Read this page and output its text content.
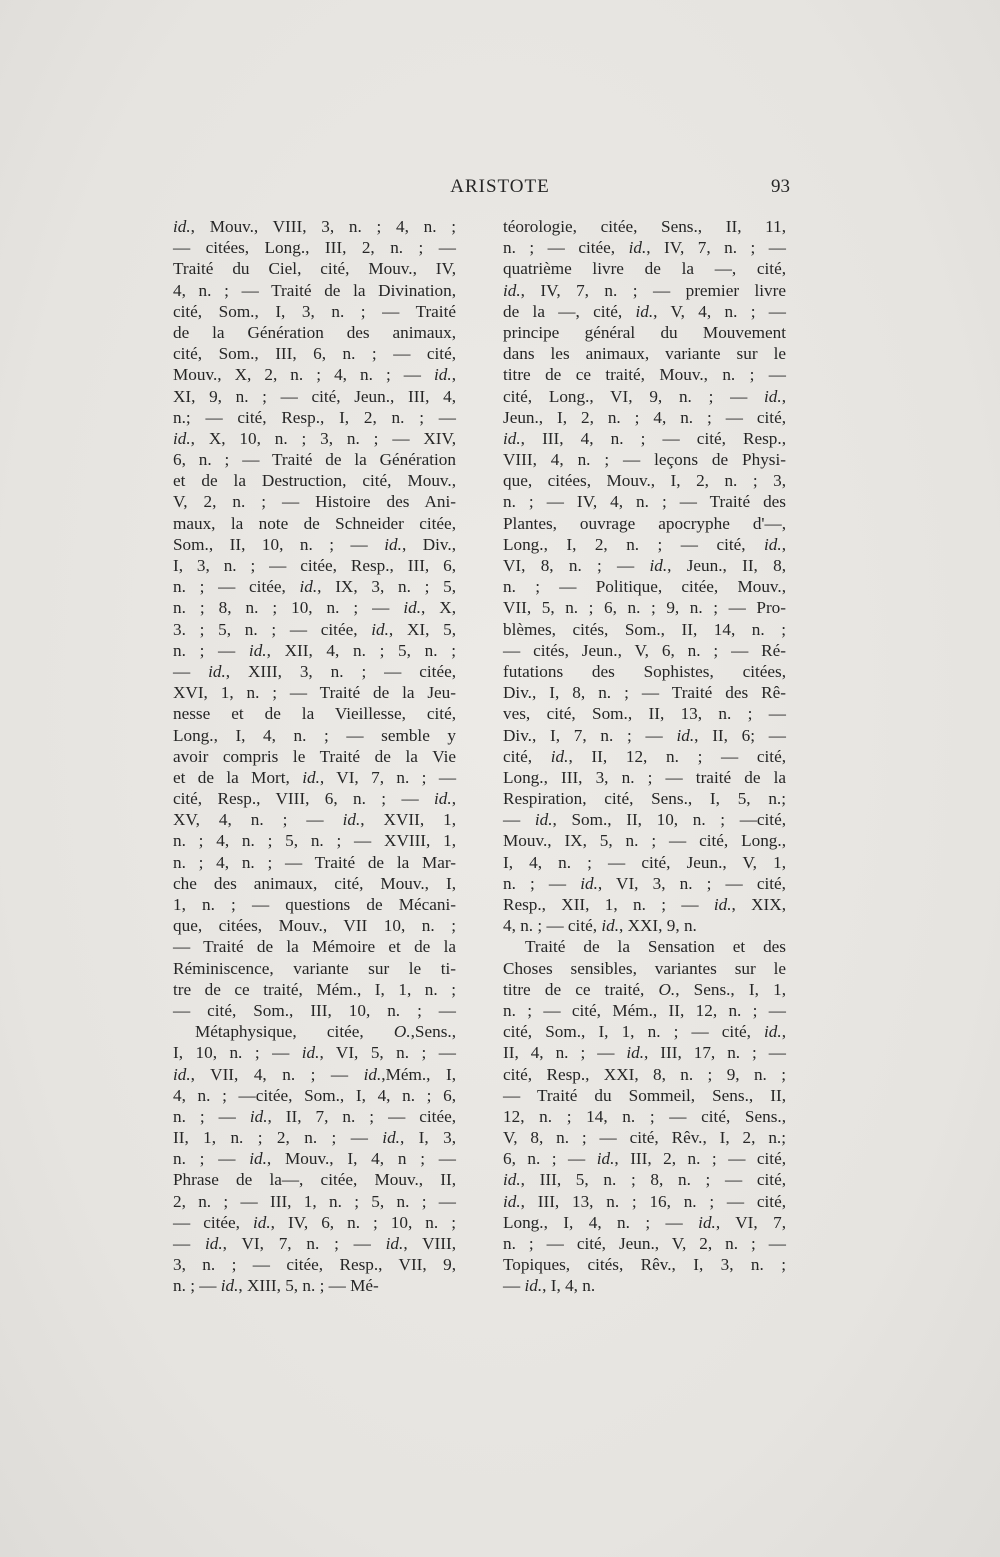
ARISTOTE	93
id., Mouv., VIII, 3, n. ; 4, n. ;
— citées, Long., III, 2, n. ; —
Traité du Ciel, cité, Mouv., IV,
4, n. ; — Traité de la Divination,
cité, Som., I, 3, n. ; — Traité
de la Génération des animaux,
cité, Som., III, 6, n. ; — cité,
Mouv., X, 2, n. ; 4, n. ; — id.,
XI, 9, n. ; — cité, Jeun., III, 4,
n.; — cité, Resp., I, 2, n. ; —
id., X, 10, n. ; 3, n. ; — XIV,
6, n. ; — Traité de la Génération
et de la Destruction, cité, Mouv.,
V, 2, n. ; — Histoire des Ani-
maux, la note de Schneider citée,
Som., II, 10, n. ; — id., Div.,
I, 3, n. ; — citée, Resp., III, 6,
n. ; — citée, id., IX, 3, n. ; 5,
n. ; 8, n. ; 10, n. ; — id., X,
3. ; 5, n. ; — citée, id., XI, 5,
n. ; — id., XII, 4, n. ; 5, n. ;
— id., XIII, 3, n. ; — citée,
XVI, 1, n. ; — Traité de la Jeu-
nesse et de la Vieillesse, cité,
Long., I, 4, n. ; — semble y
avoir compris le Traité de la Vie
et de la Mort, id., VI, 7, n. ; —
cité, Resp., VIII, 6, n. ; — id.,
XV, 4, n. ; — id., XVII, 1,
n. ; 4, n. ; 5, n. ; — XVIII, 1,
n. ; 4, n. ; — Traité de la Mar-
che des animaux, cité, Mouv., I,
1, n. ; — questions de Mécani-
que, citées, Mouv., VII 10, n. ;
— Traité de la Mémoire et de la
Réminiscence, variante sur le ti-
tre de ce traité, Mém., I, 1, n. ;
— cité, Som., III, 10, n. ; —
Métaphysique, citée, O.,Sens.,
I, 10, n. ; — id., VI, 5, n. ; —
id., VII, 4, n. ; — id.,Mém., I,
4, n. ; —citée, Som., I, 4, n. ; 6,
n. ; — id., II, 7, n. ; — citée,
II, 1, n. ; 2, n. ; — id., I, 3,
n. ; — id., Mouv., I, 4, n ; —
Phrase de la—, citée, Mouv., II,
2, n. ; — III, 1, n. ; 5, n. ; —
— citée, id., IV, 6, n. ; 10, n. ;
— id., VI, 7, n. ; — id., VIII,
3, n. ; — citée, Resp., VII, 9,
n. ; — id., XIII, 5, n. ; — Mé-
téorologie, citée, Sens., II, 11,
n. ; — citée, id., IV, 7, n. ; —
quatrième livre de la —, cité,
id., IV, 7, n. ; — premier livre
de la —, cité, id., V, 4, n. ; —
principe général du Mouvement
dans les animaux, variante sur le
titre de ce traité, Mouv., n. ; —
cité, Long., VI, 9, n. ; — id.,
Jeun., I, 2, n. ; 4, n. ; — cité,
id., III, 4, n. ; — cité, Resp.,
VIII, 4, n. ; — leçons de Physi-
que, citées, Mouv., I, 2, n. ; 3,
n. ; — IV, 4, n. ; — Traité des
Plantes, ouvrage apocryphe d'—,
Long., I, 2, n. ; — cité, id.,
VI, 8, n. ; — id., Jeun., II, 8,
n. ; — Politique, citée, Mouv.,
VII, 5, n. ; 6, n. ; 9, n. ; — Pro-
blèmes, cités, Som., II, 14, n. ;
— cités, Jeun., V, 6, n. ; — Ré-
futations des Sophistes, citées,
Div., I, 8, n. ; — Traité des Rê-
ves, cité, Som., II, 13, n. ; —
Div., I, 7, n. ; — id., II, 6; —
cité, id., II, 12, n. ; — cité,
Long., III, 3, n. ; — traité de la
Respiration, cité, Sens., I, 5, n.;
— id., Som., II, 10, n. ; —cité,
Mouv., IX, 5, n. ; — cité, Long.,
I, 4, n. ; — cité, Jeun., V, 1,
n. ; — id., VI, 3, n. ; — cité,
Resp., XII, 1, n. ; — id., XIX,
4, n. ; — cité, id., XXI, 9, n.
Traité de la Sensation et des
Choses sensibles, variantes sur le
titre de ce traité, O., Sens., I, 1,
n. ; — cité, Mém., II, 12, n. ; —
cité, Som., I, 1, n. ; — cité, id.,
II, 4, n. ; — id., III, 17, n. ; —
cité, Resp., XXI, 8, n. ; 9, n. ;
— Traité du Sommeil, Sens., II,
12, n. ; 14, n. ; — cité, Sens.,
V, 8, n. ; — cité, Rêv., I, 2, n.;
6, n. ; — id., III, 2, n. ; — cité,
id., III, 5, n. ; 8, n. ; — cité,
id., III, 13, n. ; 16, n. ; — cité,
Long., I, 4, n. ; — id., VI, 7,
n. ; — cité, Jeun., V, 2, n. ; —
Topiques, cités, Rêv., I, 3, n. ;
— id., I, 4, n.
